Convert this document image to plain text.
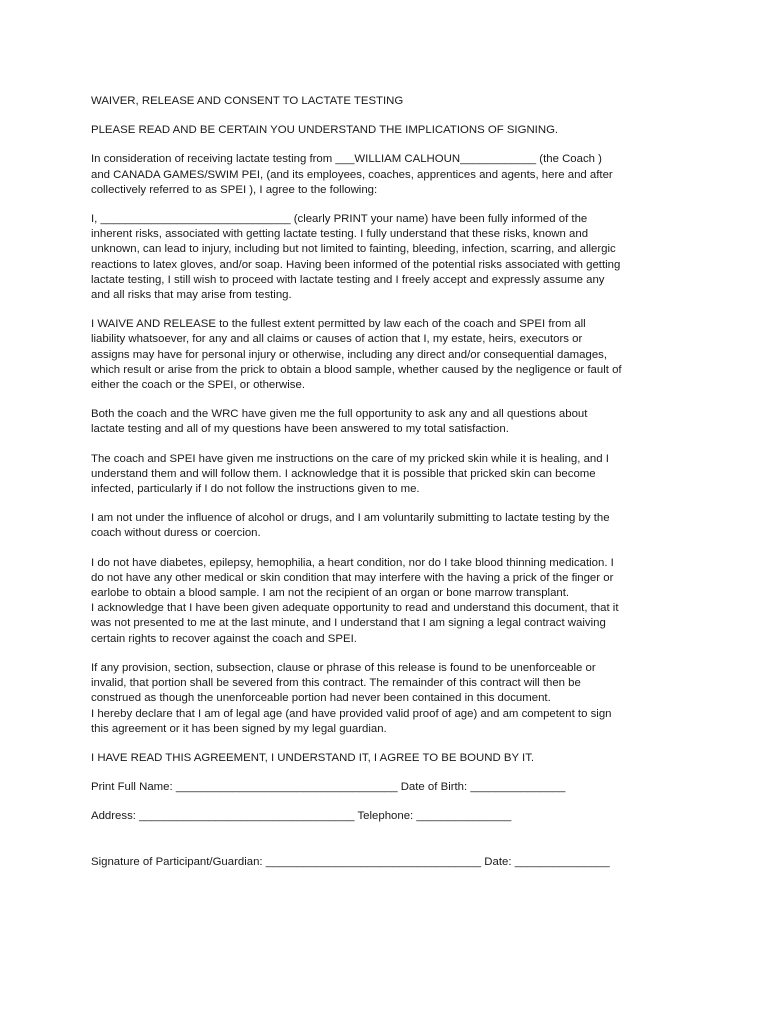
WAIVER, RELEASE AND CONSENT TO LACTATE TESTING

PLEASE READ AND BE CERTAIN YOU UNDERSTAND THE IMPLICATIONS OF SIGNING.

In consideration of receiving lactate testing from ___WILLIAM CALHOUN____________ (the Coach )
and CANADA GAMES/SWIM PEI, (and its employees, coaches, apprentices and agents, here and after
collectively referred to as SPEI ), I agree to the following:

I, ______________________________ (clearly PRINT your name) have been fully informed of the
inherent risks, associated with getting lactate testing. I fully understand that these risks, known and
unknown, can lead to injury, including but not limited to fainting, bleeding, infection, scarring, and allergic
reactions to latex gloves, and/or soap. Having been informed of the potential risks associated with getting
lactate testing, I still wish to proceed with lactate testing and I freely accept and expressly assume any
and all risks that may arise from testing.

I WAIVE AND RELEASE to the fullest extent permitted by law each of the coach and SPEI from all
liability whatsoever, for any and all claims or causes of action that I, my estate, heirs, executors or
assigns may have for personal injury or otherwise, including any direct and/or consequential damages,
which result or arise from the prick to obtain a blood sample, whether caused by the negligence or fault of
either the coach or the SPEI, or otherwise.

Both the coach and the WRC have given me the full opportunity to ask any and all questions about
lactate testing and all of my questions have been answered to my total satisfaction.

The coach and SPEI have given me instructions on the care of my pricked skin while it is healing, and I
understand them and will follow them. I acknowledge that it is possible that pricked skin can become
infected, particularly if I do not follow the instructions given to me.

I am not under the influence of alcohol or drugs, and I am voluntarily submitting to lactate testing by the
coach without duress or coercion.

I do not have diabetes, epilepsy, hemophilia, a heart condition, nor do I take blood thinning medication. I
do not have any other medical or skin condition that may interfere with the having a prick of the finger or
earlobe to obtain a blood sample. I am not the recipient of an organ or bone marrow transplant.

I acknowledge that I have been given adequate opportunity to read and understand this document, that it
was not presented to me at the last minute, and I understand that I am signing a legal contract waiving
certain rights to recover against the coach and SPEI.

If any provision, section, subsection, clause or phrase of this release is found to be unenforceable or
invalid, that portion shall be severed from this contract. The remainder of this contract will then be
construed as though the unenforceable portion had never been contained in this document.

I hereby declare that I am of legal age (and have provided valid proof of age) and am competent to sign
this agreement or it has been signed by my legal guardian.

I HAVE READ THIS AGREEMENT, I UNDERSTAND IT, I AGREE TO BE BOUND BY IT.

Print Full Name: ___________________________________ Date of Birth: _______________

Address: __________________________________ Telephone: _______________

Signature of Participant/Guardian: __________________________________ Date: _______________
